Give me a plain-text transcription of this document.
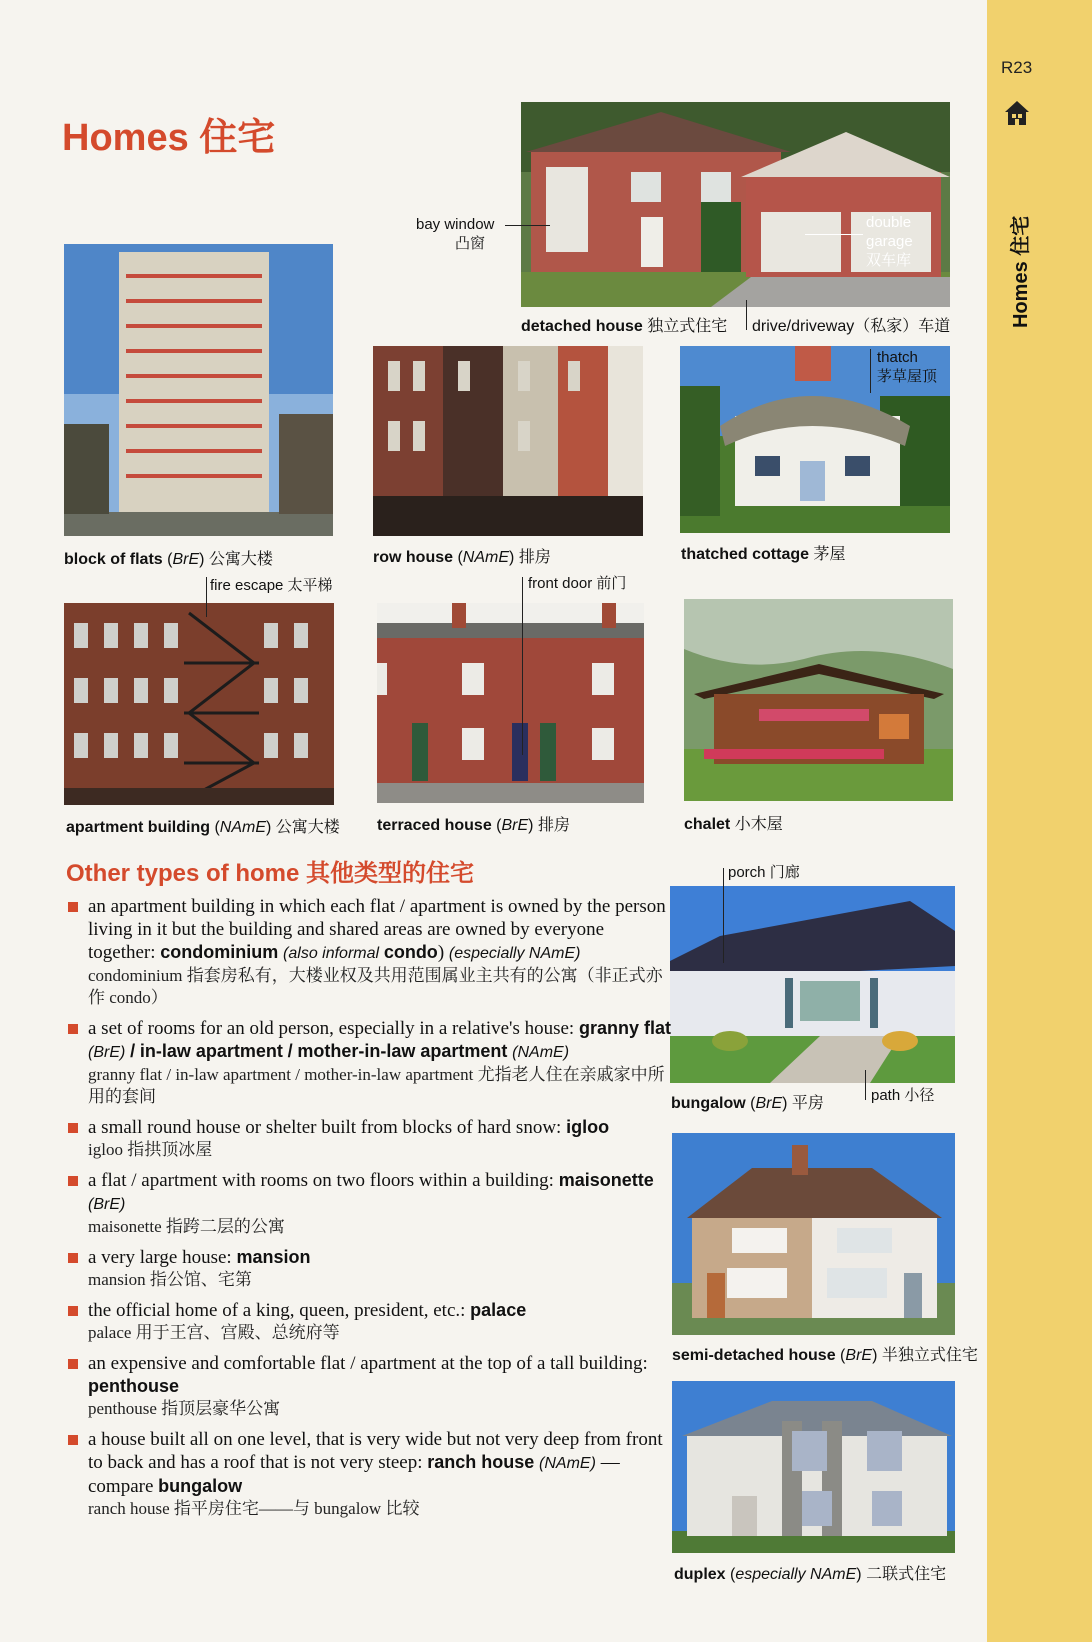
R23
Homes 住宅
Homes 住宅
bay window
凸窗
double
garage
双车库
detached house 独立式住宅 drive/driveway（私家）车道
block of flats (BrE) 公寓大楼	row house (NAmE) 排房
thatch
茅草屋顶
thatched cottage 茅屋
fire escape 太平梯
apartment building (NAmE) 公寓大楼
front door 前门
terraced house (BrE) 排房	chalet 小木屋
Other types of home 其他类型的住宅	porch 门廊
path 小径
bungalow (BrE) 平房
semi-detached house (BrE) 半独立式住宅
duplex (especially NAmE) 二联式住宅
an apartment building in which each flat / apartment is owned by the person living in it but the building and shared areas are owned by everyone together: condominium (also informal condo) (especially NAmE)
condominium 指套房私有，大楼业权及共用范围属业主共有的公寓（非正式亦作 condo）
a set of rooms for an old person, especially in a relative's house: granny flat (BrE) / in-law apartment / mother-in-law apartment (NAmE)
granny flat / in-law apartment / mother-in-law apartment 尤指老人住在亲戚家中所用的套间
a small round house or shelter built from blocks of hard snow: igloo
igloo 指拱顶冰屋
a flat / apartment with rooms on two floors within a building: maisonette (BrE)
maisonette 指跨二层的公寓
a very large house: mansion
mansion 指公馆、宅第
the official home of a king, queen, president, etc.: palace
palace 用于王宫、宫殿、总统府等
an expensive and comfortable flat / apartment at the top of a tall building: penthouse
penthouse 指顶层豪华公寓
a house built all on one level, that is very wide but not very deep from front to back and has a roof that is not very steep: ranch house (NAmE) — compare bungalow
ranch house 指平房住宅——与 bungalow 比较
